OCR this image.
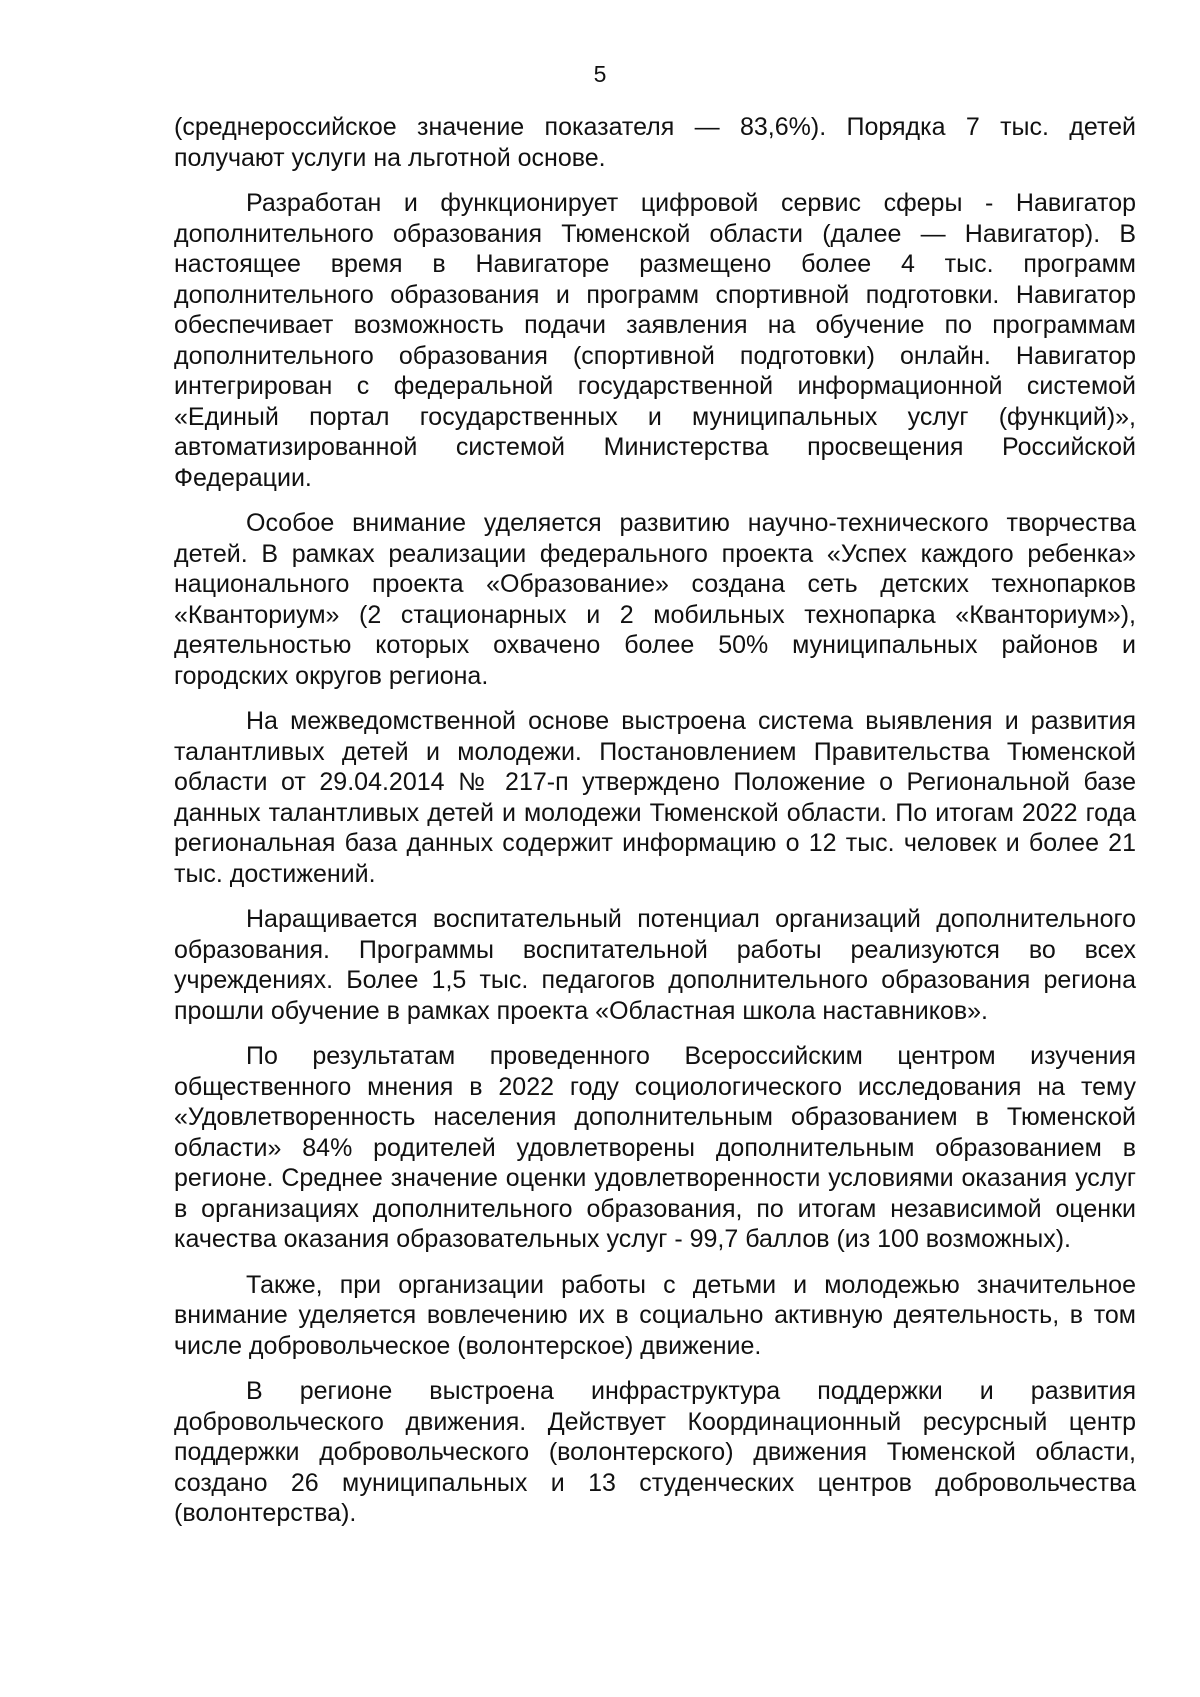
5

(среднероссийское значение показателя — 83,6%). Порядка 7 тыс. детей получают услуги на льготной основе.

Разработан и функционирует цифровой сервис сферы - Навигатор дополнительного образования Тюменской области (далее — Навигатор). В настоящее время в Навигаторе размещено более 4 тыс. программ дополнительного образования и программ спортивной подготовки. Навигатор обеспечивает возможность подачи заявления на обучение по программам дополнительного образования (спортивной подготовки) онлайн. Навигатор интегрирован с федеральной государственной информационной системой «Единый портал государственных и муниципальных услуг (функций)», автоматизированной системой Министерства просвещения Российской Федерации.

Особое внимание уделяется развитию научно-технического творчества детей. В рамках реализации федерального проекта «Успех каждого ребенка» национального проекта «Образование» создана сеть детских технопарков «Кванториум» (2 стационарных и 2 мобильных технопарка «Кванториум»), деятельностью которых охвачено более 50% муниципальных районов и городских округов региона.

На межведомственной основе выстроена система выявления и развития талантливых детей и молодежи. Постановлением Правительства Тюменской области от 29.04.2014 № 217-п утверждено Положение о Региональной базе данных талантливых детей и молодежи Тюменской области. По итогам 2022 года региональная база данных содержит информацию о 12 тыс. человек и более 21 тыс. достижений.

Наращивается воспитательный потенциал организаций дополнительного образования. Программы воспитательной работы реализуются во всех учреждениях. Более 1,5 тыс. педагогов дополнительного образования региона прошли обучение в рамках проекта «Областная школа наставников».

По результатам проведенного Всероссийским центром изучения общественного мнения в 2022 году социологического исследования на тему «Удовлетворенность населения дополнительным образованием в Тюменской области» 84% родителей удовлетворены дополнительным образованием в регионе. Среднее значение оценки удовлетворенности условиями оказания услуг в организациях дополнительного образования, по итогам независимой оценки качества оказания образовательных услуг - 99,7 баллов (из 100 возможных).

Также, при организации работы с детьми и молодежью значительное внимание уделяется вовлечению их в социально активную деятельность, в том числе добровольческое (волонтерское) движение.

В регионе выстроена инфраструктура поддержки и развития добровольческого движения. Действует Координационный ресурсный центр поддержки добровольческого (волонтерского) движения Тюменской области, создано 26 муниципальных и 13 студенческих центров добровольчества (волонтерства).
